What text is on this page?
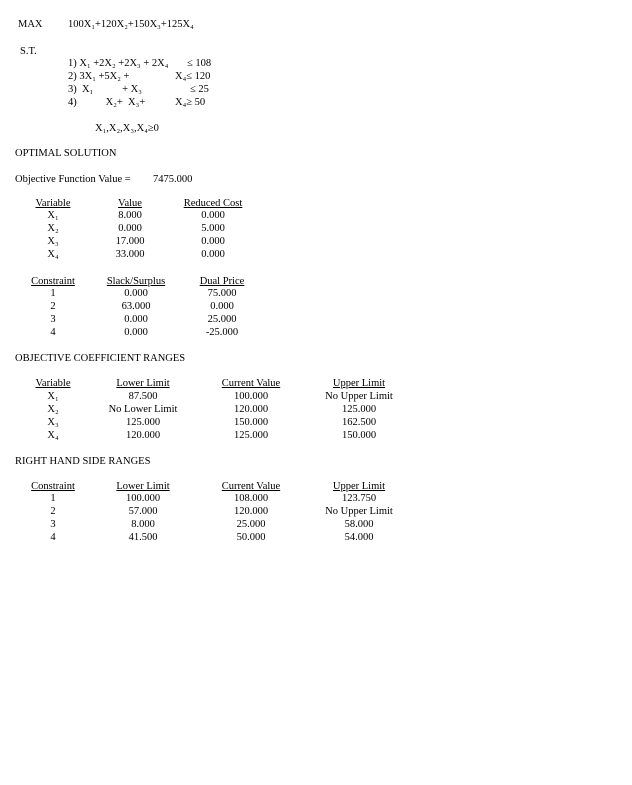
MAX 100X₁+120X₂+150X₃+125X₄
S.T.
1) X₁ +2X₂ +2X₃ + 2X₄ ≤ 108
2) 3X₁ +5X₂ +	X₄≤ 120
3)  X₁           + X₃	≤ 25
4)           X₂+  X₃+	X₄≥ 50
X₁,X₂,X₃,X₄≥0
OPTIMAL SOLUTION
Objective Function Value = 7475.000
Variable	Value	Reduced Cost
X₁	8.000	0.000
X₂	0.000	5.000
X₃	17.000	0.000
X₄	33.000	0.000
Constraint	Slack/Surplus	Dual Price
1	0.000	75.000
2	63.000	0.000
3	0.000	25.000
4	0.000	-25.000
OBJECTIVE COEFFICIENT RANGES
Variable	Lower Limit	Current Value	Upper Limit
X₁	87.500	100.000	No Upper Limit
X₂	No Lower Limit	120.000	125.000
X₃	125.000	150.000	162.500
X₄	120.000	125.000	150.000
RIGHT HAND SIDE RANGES
Constraint	Lower Limit	Current Value	Upper Limit
1	100.000	108.000	123.750
2	57.000	120.000	No Upper Limit
3	8.000	25.000	58.000
4	41.500	50.000	54.000
